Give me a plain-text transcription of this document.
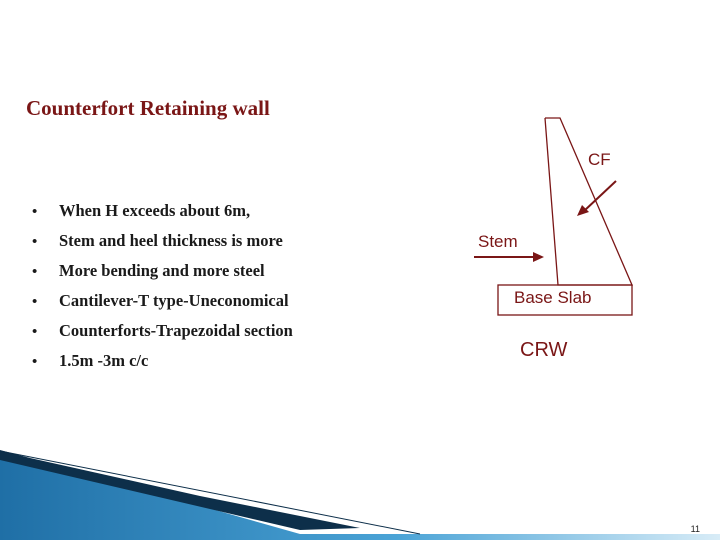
Counterfort Retaining wall
• When H exceeds about 6m,
• Stem and heel thickness is more
• More bending and more steel
• Cantilever-T type-Uneconomical
• Counterforts-Trapezoidal section
• 1.5m -3m c/c
CF
Stem
Base Slab
CRW
11
